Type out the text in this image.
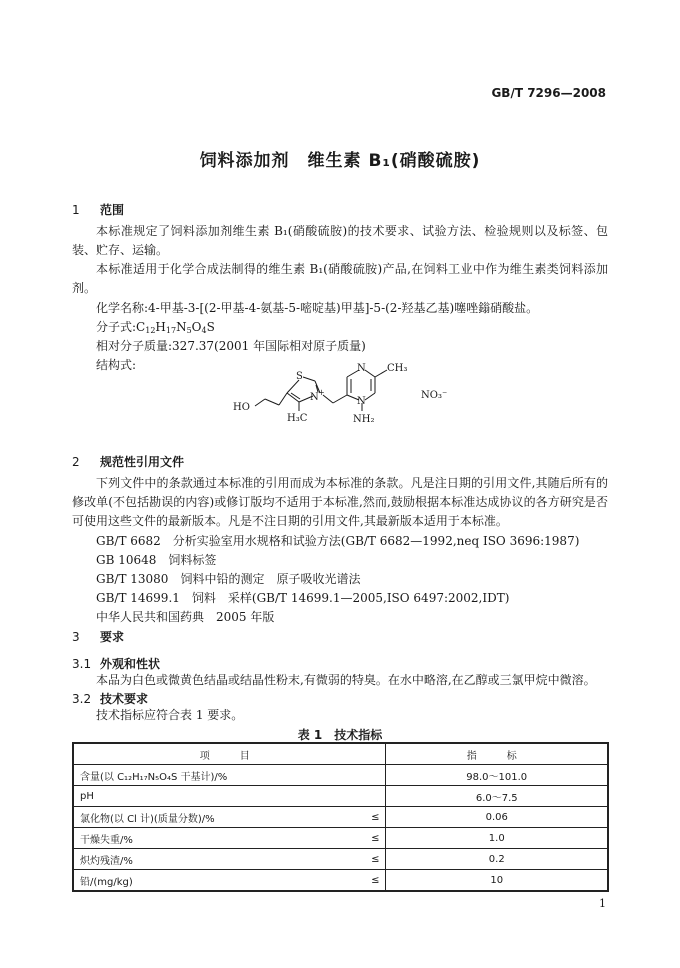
GB/T 7296—2008
饲料添加剂　维生素 B₁(硝酸硫胺)
1 范围
本标准规定了饲料添加剂维生素 B₁(硝酸硫胺)的技术要求、试验方法、检验规则以及标签、包装、贮存、运输。
本标准适用于化学合成法制得的维生素 B₁(硝酸硫胺)产品,在饲料工业中作为维生素类饲料添加剂。
化学名称:4-甲基-3-[(2-甲基-4-氨基-5-嘧啶基)甲基]-5-(2-羟基乙基)噻唑鎓硝酸盐。
分子式$:C_{12}H_{17}N_5O_4S$
相对分子质量:327.37(2001 年国际相对原子质量)
结构式:
S
N +
N
N
CH₃
HO
H₃C	NH₂
NO₃⁻
2 规范性引用文件
下列文件中的条款通过本标准的引用而成为本标准的条款。凡是注日期的引用文件,其随后所有的修改单(不包括勘误的内容)或修订版均不适用于本标准,然而,鼓励根据本标准达成协议的各方研究是否可使用这些文件的最新版本。凡是不注日期的引用文件,其最新版本适用于本标准。
GB/T 6682　分析实验室用水规格和试验方法(GB/T 6682—1992,neq ISO 3696:1987)
GB 10648　饲料标签
GB/T 13080　饲料中铅的测定　原子吸收光谱法
GB/T 14699.1　饲料　采样(GB/T 14699.1—2005,ISO 6497:2002,IDT)
中华人民共和国药典　2005 年版
3 要求
3.1 外观和性状
本品为白色或微黄色结晶或结晶性粉末,有微弱的特臭。在水中略溶,在乙醇或三氯甲烷中微溶。
3.2 技术要求
技术指标应符合表 1 要求。
表 1　技术指标
项　目		指　标
含量(以 C₁₂H₁₇N₅O₄S 干基计)/%		98.0～101.0
pH		6.0～7.5
氯化物(以 Cl 计)(质量分数)/%	≤	0.06
干燥失重/%	≤	1.0
炽灼残渣/%	≤	0.2
铅/(mg/kg)	≤	10
1
